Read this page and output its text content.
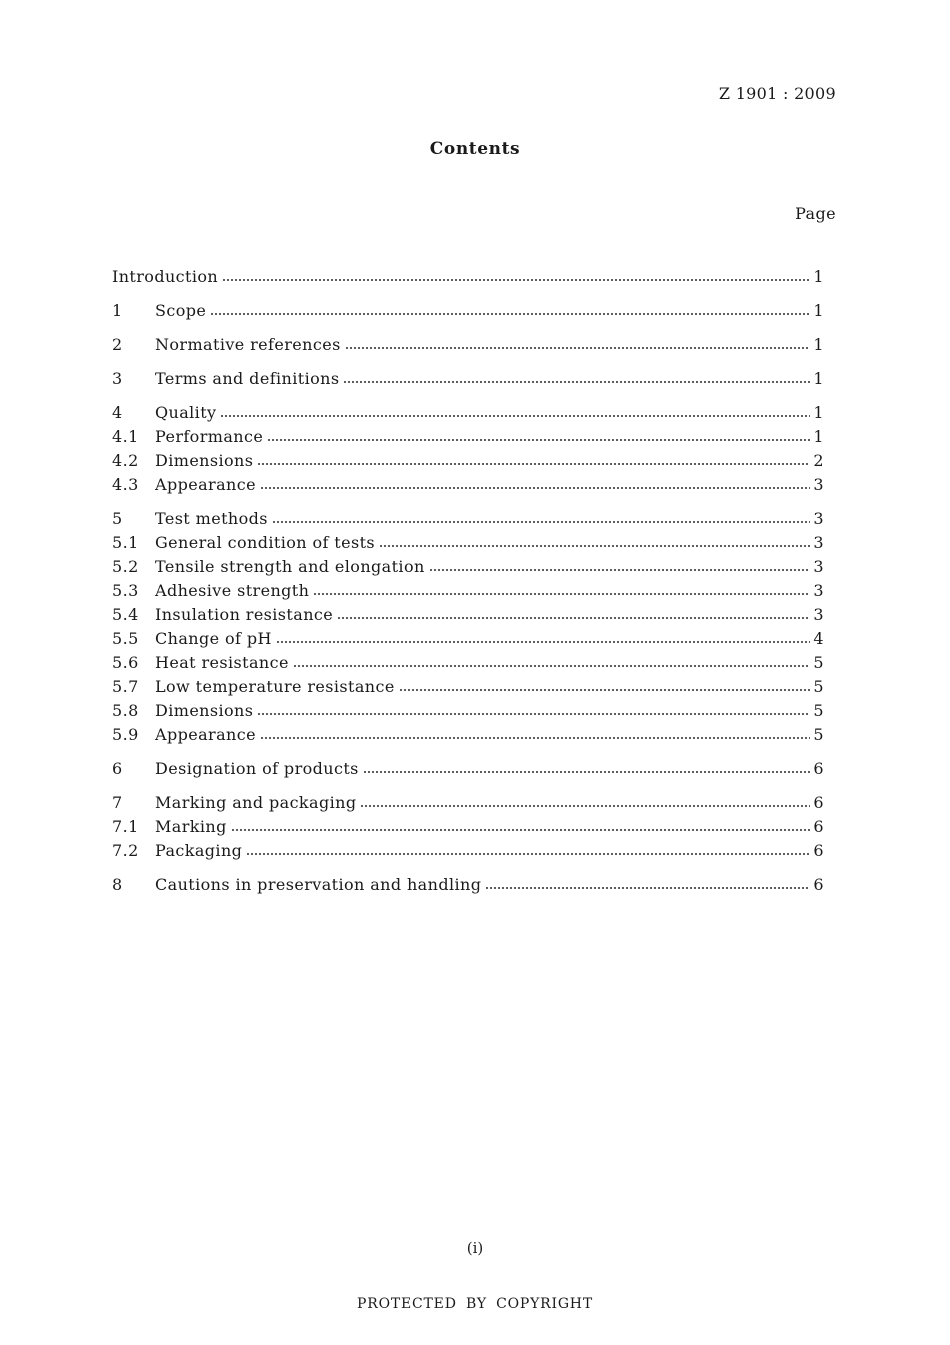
Z 1901 : 2009
Contents
Page
Introduction	1
1	Scope	1
2	Normative references	1
3	Terms and definitions	1
4	Quality	1
4.1	Performance	1
4.2	Dimensions	2
4.3	Appearance	3
5	Test methods	3
5.1	General condition of tests	3
5.2	Tensile strength and elongation	3
5.3	Adhesive strength	3
5.4	Insulation resistance	3
5.5	Change of pH	4
5.6	Heat resistance	5
5.7	Low temperature resistance	5
5.8	Dimensions	5
5.9	Appearance	5
6	Designation of products	6
7	Marking and packaging	6
7.1	Marking	6
7.2	Packaging	6
8	Cautions in preservation and handling	6
(i)
PROTECTED BY COPYRIGHT
